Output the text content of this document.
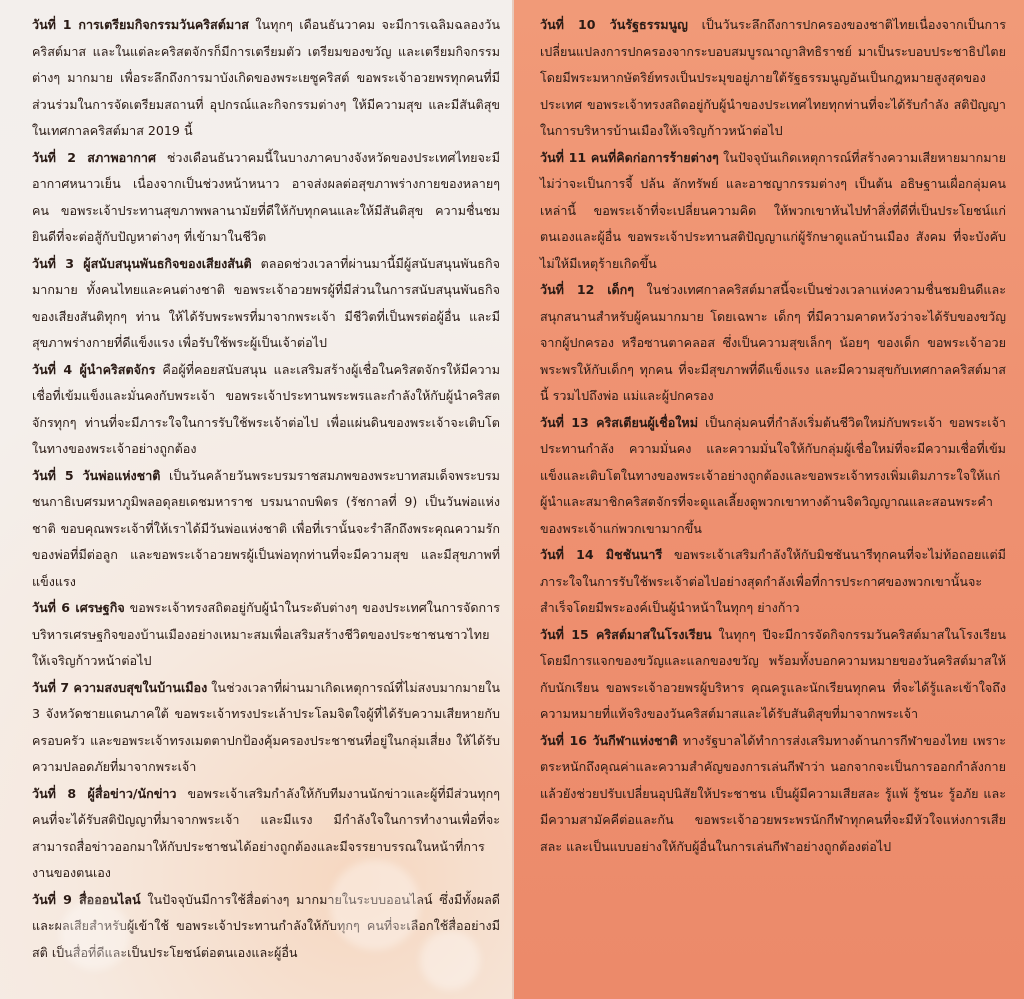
วันที่ 1 การเตรียมกิจกรรมวันคริสต์มาส ในทุกๆ เดือนธันวาคม จะมีการเฉลิมฉลองวันคริสต์มาส และในแต่ละคริสตจักรก็มีการเตรียมตัว เตรียมของขวัญ และเตรียมกิจกรรมต่างๆ มากมาย เพื่อระลึกถึงการมาบังเกิดของพระเยซูคริสต์ ขอพระเจ้าอวยพรทุกคนที่มีส่วนร่วมในการจัดเตรียมสถานที่ อุปกรณ์และกิจกรรมต่างๆ ให้มีความสุข และมีสันติสุขในเทศกาลคริสต์มาส 2019 นี้

วันที่ 2 สภาพอากาศ ช่วงเดือนธันวาคมนี้ในบางภาคบางจังหวัดของประเทศไทยจะมีอากาศหนาวเย็น เนื่องจากเป็นช่วงหน้าหนาว อาจส่งผลต่อสุขภาพร่างกายของหลายๆ คน ขอพระเจ้าประทานสุขภาพพลานามัยที่ดีให้กับทุกคนและให้มีสันติสุข ความชื่นชมยินดีที่จะต่อสู้กับปัญหาต่างๆ ที่เข้ามาในชีวิต

วันที่ 3 ผู้สนับสนุนพันธกิจของเสียงสันติ ตลอดช่วงเวลาที่ผ่านมานี้มีผู้สนับสนุนพันธกิจมากมาย ทั้งคนไทยและคนต่างชาติ ขอพระเจ้าอวยพรผู้ที่มีส่วนในการสนับสนุนพันธกิจของเสียงสันติทุกๆ ท่าน ให้ได้รับพระพรที่มาจากพระเจ้า มีชีวิตที่เป็นพรต่อผู้อื่น และมีสุขภาพร่างกายที่ดีแข็งแรง เพื่อรับใช้พระผู้เป็นเจ้าต่อไป

วันที่ 4 ผู้นำคริสตจักร คือผู้ที่คอยสนับสนุน และเสริมสร้างผู้เชื่อในคริสตจักรให้มีความเชื่อที่เข้มแข็งและมั่นคงกับพระเจ้า ขอพระเจ้าประทานพระพรและกำลังให้กับผู้นำคริสตจักรทุกๆ ท่านที่จะมีภาระใจในการรับใช้พระเจ้าต่อไป เพื่อแผ่นดินของพระเจ้าจะเติบโตในทางของพระเจ้าอย่างถูกต้อง

วันที่ 5 วันพ่อแห่งชาติ เป็นวันคล้ายวันพระบรมราชสมภพของพระบาทสมเด็จพระบรมชนกาธิเบศรมหาภูมิพลอดุลยเดชมหาราช บรมนาถบพิตร (รัชกาลที่ 9) เป็นวันพ่อแห่งชาติ ขอบคุณพระเจ้าที่ให้เราได้มีวันพ่อแห่งชาติ เพื่อที่เรานั้นจะรำลึกถึงพระคุณความรักของพ่อที่มีต่อลูก และขอพระเจ้าอวยพรผู้เป็นพ่อทุกท่านที่จะมีความสุข และมีสุขภาพที่แข็งแรง

วันที่ 6 เศรษฐกิจ ขอพระเจ้าทรงสถิตอยู่กับผู้นำในระดับต่างๆ ของประเทศในการจัดการบริหารเศรษฐกิจของบ้านเมืองอย่างเหมาะสมเพื่อเสริมสร้างชีวิตของประชาชนชาวไทยให้เจริญก้าวหน้าต่อไป

วันที่ 7 ความสงบสุขในบ้านเมือง ในช่วงเวลาที่ผ่านมาเกิดเหตุการณ์ที่ไม่สงบมากมายใน 3 จังหวัดชายแดนภาคใต้ ขอพระเจ้าทรงประเล้าประโลมจิตใจผู้ที่ได้รับความเสียหายกับครอบครัว และขอพระเจ้าทรงเมตตาปกป้องคุ้มครองประชาชนที่อยู่ในกลุ่มเสี่ยง ให้ได้รับความปลอดภัยที่มาจากพระเจ้า

วันที่ 8 ผู้สื่อข่าว/นักข่าว ขอพระเจ้าเสริมกำลังให้กับทีมงานนักข่าวและผู้ที่มีส่วนทุกๆ คนที่จะได้รับสติปัญญาที่มาจากพระเจ้า และมีแรง มีกำลังใจในการทำงานเพื่อที่จะสามารถสื่อข่าวออกมาให้กับประชาชนได้อย่างถูกต้องและมีจรรยาบรรณในหน้าที่การงานของตนเอง

วันที่ 9 สื่อออนไลน์ ในปัจจุบันมีการใช้สื่อต่างๆ มากมายในระบบออนไลน์ ซึ่งมีทั้งผลดีและผลเสียสำหรับผู้เข้าใช้ ขอพระเจ้าประทานกำลังให้กับทุกๆ คนที่จะเลือกใช้สื่ออย่างมีสติ เป็นสื่อที่ดีและเป็นประโยชน์ต่อตนเองและผู้อื่น

วันที่ 10 วันรัฐธรรมนูญ เป็นวันระลึกถึงการปกครองของชาติไทยเนื่องจากเป็นการเปลี่ยนแปลงการปกครองจากระบอบสมบูรณาญาสิทธิราชย์ มาเป็นระบอบประชาธิปไตย โดยมีพระมหากษัตริย์ทรงเป็นประมุขอยู่ภายใต้รัฐธรรมนูญอันเป็นกฎหมายสูงสุดของประเทศ ขอพระเจ้าทรงสถิตอยู่กับผู้นำของประเทศไทยทุกท่านที่จะได้รับกำลัง สติปัญญาในการบริหารบ้านเมืองให้เจริญก้าวหน้าต่อไป

วันที่ 11 คนที่คิดก่อการร้ายต่างๆ ในปัจจุบันเกิดเหตุการณ์ที่สร้างความเสียหายมากมาย ไม่ว่าจะเป็นการจี้ ปล้น ลักทรัพย์ และอาชญากรรมต่างๆ เป็นต้น อธิษฐานเผื่อกลุ่มคนเหล่านี้ ขอพระเจ้าที่จะเปลี่ยนความคิด ให้พวกเขาหันไปทำสิ่งที่ดีที่เป็นประโยชน์แก่ตนเองและผู้อื่น ขอพระเจ้าประทานสติปัญญาแก่ผู้รักษาดูแลบ้านเมือง สังคม ที่จะบังคับไม่ให้มีเหตุร้ายเกิดขึ้น

วันที่ 12 เด็กๆ ในช่วงเทศกาลคริสต์มาสนี้จะเป็นช่วงเวลาแห่งความชื่นชมยินดีและสนุกสนานสำหรับผู้คนมากมาย โดยเฉพาะ เด็กๆ ที่มีความคาดหวังว่าจะได้รับของขวัญจากผู้ปกครอง หรือซานตาคลอส ซึ่งเป็นความสุขเล็กๆ น้อยๆ ของเด็ก ขอพระเจ้าอวยพระพรให้กับเด็กๆ ทุกคน ที่จะมีสุขภาพที่ดีแข็งแรง และมีความสุขกับเทศกาลคริสต์มาสนี้ รวมไปถึงพ่อ แม่และผู้ปกครอง

วันที่ 13 คริสเตียนผู้เชื่อใหม่ เป็นกลุ่มคนที่กำลังเริ่มต้นชีวิตใหม่กับพระเจ้า ขอพระเจ้าประทานกำลัง ความมั่นคง และความมั่นใจให้กับกลุ่มผู้เชื่อใหม่ที่จะมีความเชื่อที่เข้มแข็งและเติบโตในทางของพระเจ้าอย่างถูกต้องและขอพระเจ้าทรงเพิ่มเติมภาระใจให้แก่ผู้นำและสมาชิกคริสตจักรที่จะดูแลเลี้ยงดูพวกเขาทางด้านจิตวิญญาณและสอนพระคำของพระเจ้าแก่พวกเขามากขึ้น

วันที่ 14 มิชชันนารี ขอพระเจ้าเสริมกำลังให้กับมิชชันนารีทุกคนที่จะไม่ท้อถอยแต่มีภาระใจในการรับใช้พระเจ้าต่อไปอย่างสุดกำลังเพื่อที่การประกาศของพวกเขานั้นจะสำเร็จโดยมีพระองค์เป็นผู้นำหน้าในทุกๆ ย่างก้าว

วันที่ 15 คริสต์มาสในโรงเรียน ในทุกๆ ปีจะมีการจัดกิจกรรมวันคริสต์มาสในโรงเรียน โดยมีการแจกของขวัญและแลกของขวัญ พร้อมทั้งบอกความหมายของวันคริสต์มาสให้กับนักเรียน ขอพระเจ้าอวยพรผู้บริหาร คุณครูและนักเรียนทุกคน ที่จะได้รู้และเข้าใจถึงความหมายที่แท้จริงของวันคริสต์มาสและได้รับสันติสุขที่มาจากพระเจ้า

วันที่ 16 วันกีฬาแห่งชาติ ทางรัฐบาลได้ทำการส่งเสริมทางด้านการกีฬาของไทย เพราะตระหนักถึงคุณค่าและความสำคัญของการเล่นกีฬาว่า นอกจากจะเป็นการออกกำลังกายแล้วยังช่วยปรับเปลี่ยนอุปนิสัยให้ประชาชน เป็นผู้มีความเสียสละ รู้แพ้ รู้ชนะ รู้อภัย และมีความสามัคคีต่อและกัน ขอพระเจ้าอวยพระพรนักกีฬาทุกคนที่จะมีหัวใจแห่งการเสียสละ และเป็นแบบอย่างให้กับผู้อื่นในการเล่นกีฬาอย่างถูกต้องต่อไป
